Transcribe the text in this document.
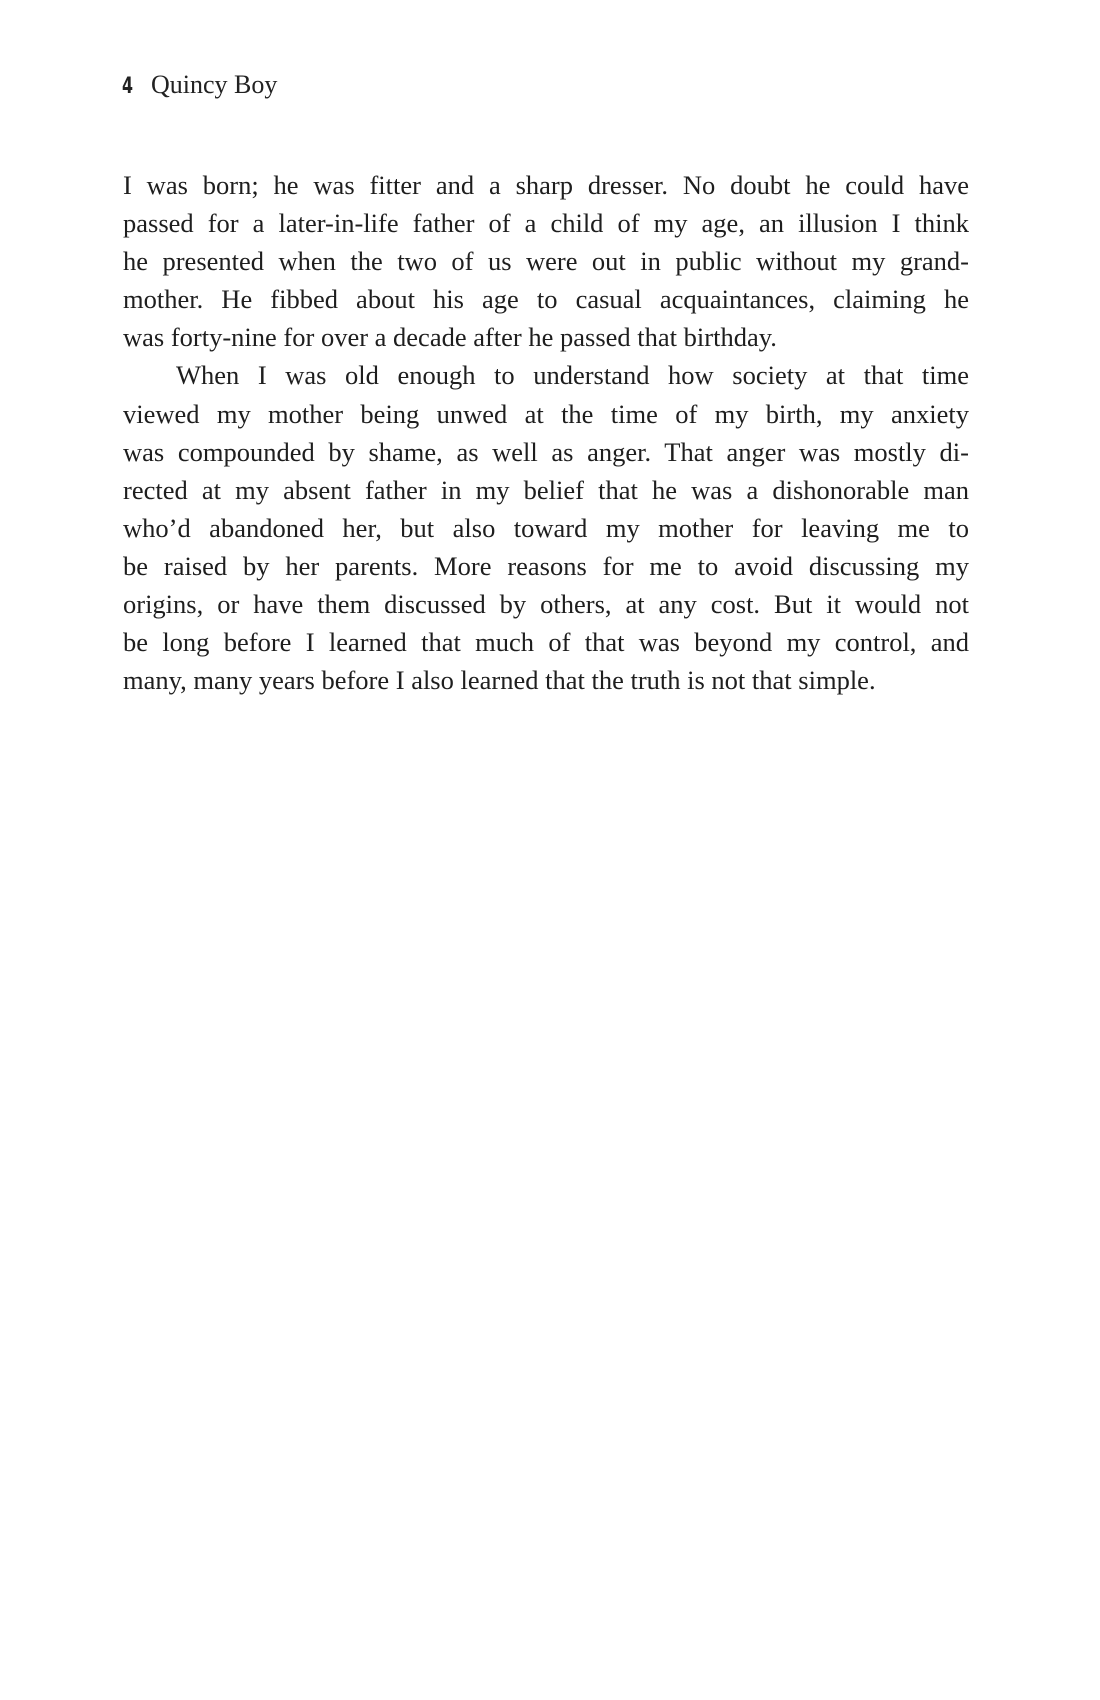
4 Quincy Boy
I was born; he was fitter and a sharp dresser. No doubt he could have
passed for a later-in-life father of a child of my age, an illusion I think
he presented when the two of us were out in public without my grand-
mother. He fibbed about his age to casual acquaintances, claiming he
was forty-nine for over a decade after he passed that birthday.
When I was old enough to understand how society at that time
viewed my mother being unwed at the time of my birth, my anxiety
was compounded by shame, as well as anger. That anger was mostly di-
rected at my absent father in my belief that he was a dishonorable man
who’d abandoned her, but also toward my mother for leaving me to
be raised by her parents. More reasons for me to avoid discussing my
origins, or have them discussed by others, at any cost. But it would not
be long before I learned that much of that was beyond my control, and
many, many years before I also learned that the truth is not that simple.
